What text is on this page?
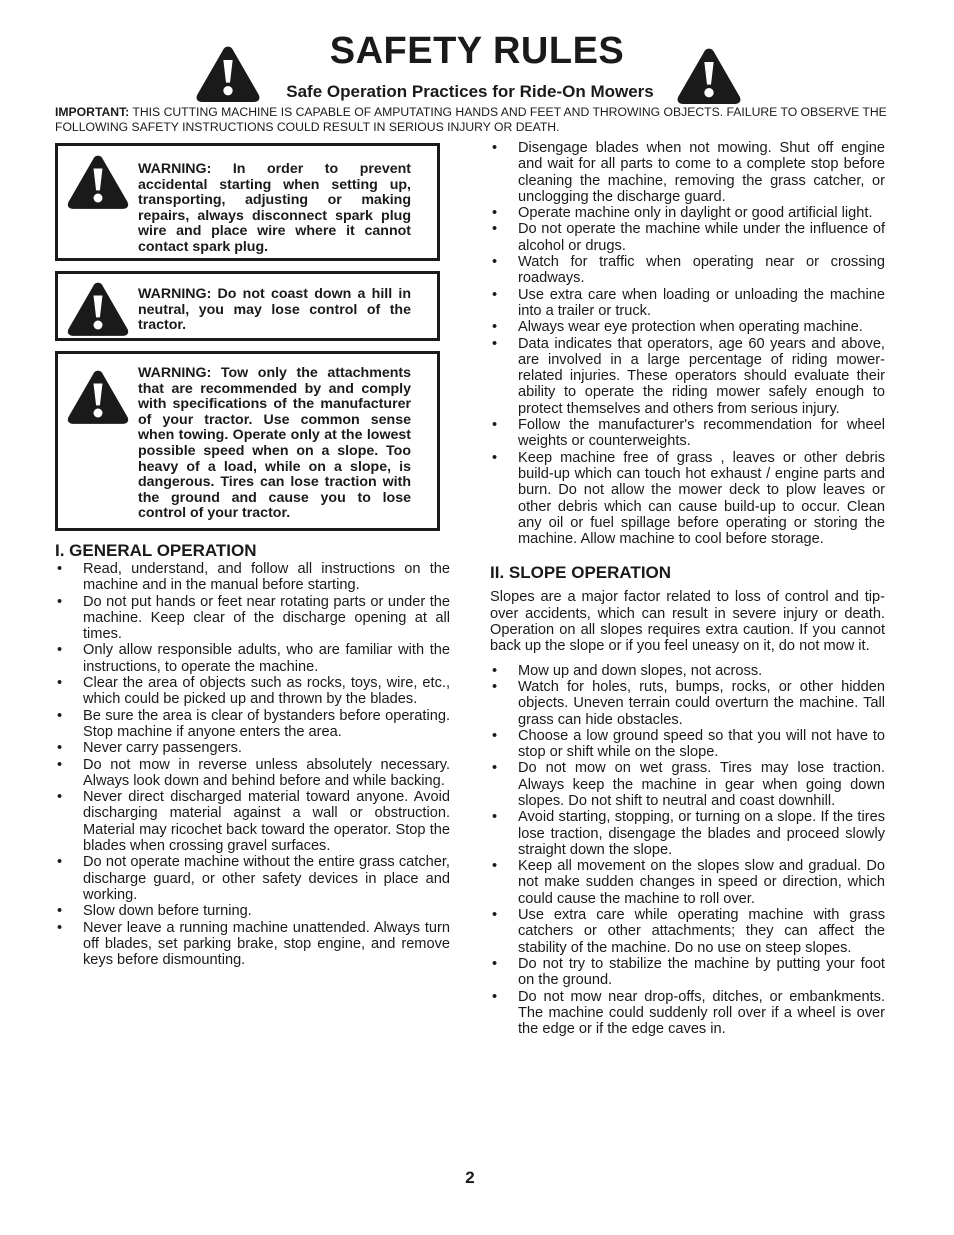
SAFETY RULES
Safe Operation Practices for Ride-On Mowers

IMPORTANT: THIS CUTTING MACHINE IS CAPABLE OF AMPUTATING HANDS AND FEET AND THROWING OBJECTS. FAILURE TO OBSERVE THE FOLLOWING SAFETY INSTRUCTIONS COULD RESULT IN SERIOUS INJURY OR DEATH.

WARNING: In order to prevent accidental starting when setting up, transporting, adjusting or making repairs, always disconnect spark plug wire and place wire where it cannot contact spark plug.
WARNING: Do not coast down a hill in neutral, you may lose control of the tractor.
WARNING: Tow only the attachments that are recommended by and comply with specifications of the manufacturer of your tractor. Use common sense when towing. Operate only at the lowest possible speed when on a slope. Too heavy of a load, while on a slope, is dangerous. Tires can lose traction with the ground and cause you to lose control of your tractor.
I. GENERAL OPERATION
• Read, understand, and follow all instructions on the machine and in the manual before starting.
• Do not put hands or feet near rotating parts or under the machine. Keep clear of the discharge opening at all times.
• Only allow responsible adults, who are familiar with the instructions, to operate the machine.
• Clear the area of objects such as rocks, toys, wire, etc., which could be picked up and thrown by the blades.
• Be sure the area is clear of bystanders before operating. Stop machine if anyone enters the area.
• Never carry passengers.
• Do not mow in reverse unless absolutely necessary. Always look down and behind before and while backing.
• Never direct discharged material toward anyone. Avoid discharging material against a wall or obstruction. Material may ricochet back toward the operator. Stop the blades when crossing gravel surfaces.
• Do not operate machine without the entire grass catcher, discharge guard, or other safety devices in place and working.
• Slow down before turning.
• Never leave a running machine unattended. Always turn off blades, set parking brake, stop engine, and remove keys before dismounting.
• Disengage blades when not mowing. Shut off engine and wait for all parts to come to a complete stop before cleaning the machine, removing the grass catcher, or unclogging the discharge guard.
• Operate machine only in daylight or good artificial light.
• Do not operate the machine while under the influence of alcohol or drugs.
• Watch for traffic when operating near or crossing roadways.
• Use extra care when loading or unloading the machine into a trailer or truck.
• Always wear eye protection when operating machine.
• Data indicates that operators, age 60 years and above, are involved in a large percentage of riding mower-related injuries. These operators should evaluate their ability to operate the riding mower safely enough to protect themselves and others from serious injury.
• Follow the manufacturer's recommendation for wheel weights or counterweights.
• Keep machine free of grass , leaves or other debris build-up which can touch hot exhaust / engine parts and burn. Do not allow the mower deck to plow leaves or other debris which can cause build-up to occur. Clean any oil or fuel spillage before operating or storing the machine. Allow machine to cool before storage.
II. SLOPE OPERATION

Slopes are a major factor related to loss of control and tip-over accidents, which can result in severe injury or death. Operation on all slopes requires extra caution. If you cannot back up the slope or if you feel uneasy on it, do not mow it.

• Mow up and down slopes, not across.
• Watch for holes, ruts, bumps, rocks, or other hidden objects. Uneven terrain could overturn the machine. Tall grass can hide obstacles.
• Choose a low ground speed so that you will not have to stop or shift while on the slope.
• Do not mow on wet grass. Tires may lose traction. Always keep the machine in gear when going down slopes. Do not shift to neutral and coast downhill.
• Avoid starting, stopping, or turning on a slope. If the tires lose traction, disengage the blades and proceed slowly straight down the slope.
• Keep all movement on the slopes slow and gradual. Do not make sudden changes in speed or direction, which could cause the machine to roll over.
• Use extra care while operating machine with grass catchers or other attachments; they can affect the stability of the machine. Do no use on steep slopes.
• Do not try to stabilize the machine by putting your foot on the ground.
• Do not mow near drop-offs, ditches, or embankments. The machine could suddenly roll over if a wheel is over the edge or if the edge caves in.
2
